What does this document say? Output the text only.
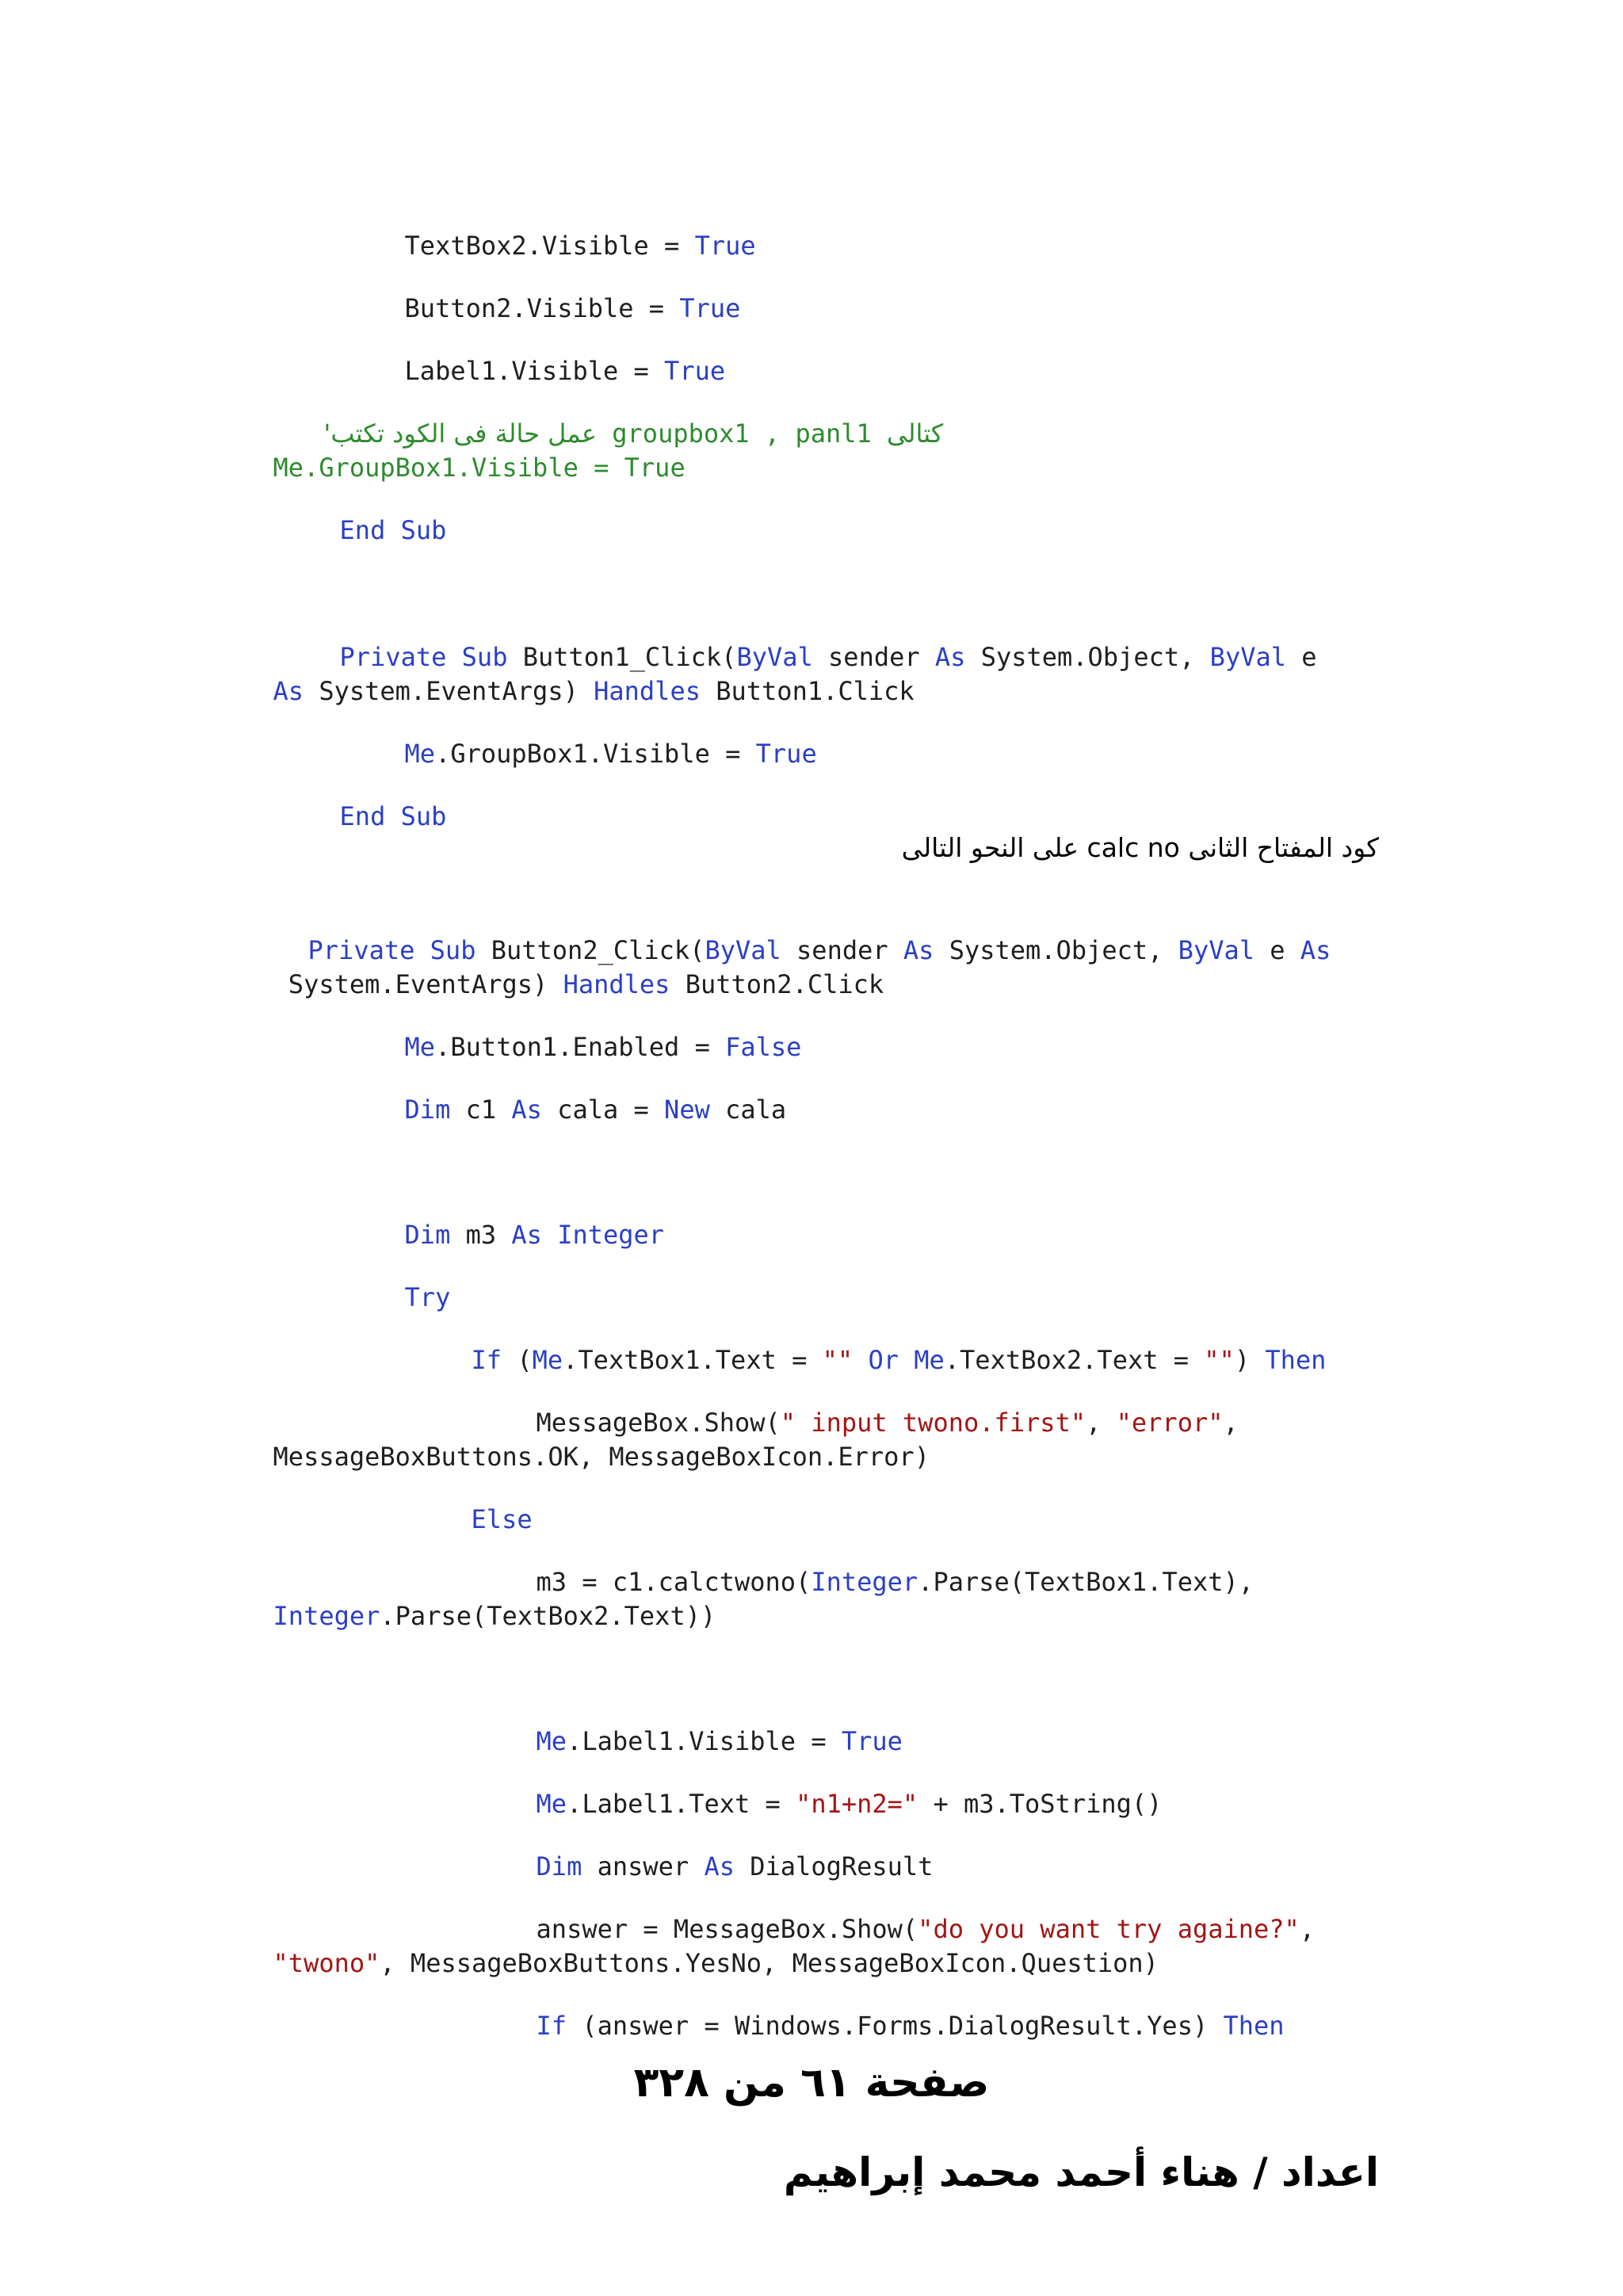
TextBox2.Visible = True

Button2.Visible = True

Label1.Visible = True

'عمل حالة فى الكود تكتب groupbox1 , panl1 كتالى

Me.GroupBox1.Visible = True

End Sub

Private Sub Button1_Click(ByVal sender As System.Object, ByVal e

As System.EventArgs) Handles Button1.Click

Me.GroupBox1.Visible = True

End Sub

كود المفتاح الثانى calc no على النحو التالى

Private Sub Button2_Click(ByVal sender As System.Object, ByVal e As

System.EventArgs) Handles Button2.Click

Me.Button1.Enabled = False

Dim c1 As cala = New cala

Dim m3 As Integer

Try

If (Me.TextBox1.Text = "" Or Me.TextBox2.Text = "") Then

MessageBox.Show(" input twono.first", "error",

MessageBoxButtons.OK, MessageBoxIcon.Error)

Else

m3 = c1.calctwono(Integer.Parse(TextBox1.Text),

Integer.Parse(TextBox2.Text))

Me.Label1.Visible = True

Me.Label1.Text = "n1+n2=" + m3.ToString()

Dim answer As DialogResult

answer = MessageBox.Show("do you want try againe?",

"twono", MessageBoxButtons.YesNo, MessageBoxIcon.Question)

If (answer = Windows.Forms.DialogResult.Yes) Then

صفحة ٦١ من ٣٢٨
اعداد / هناء أحمد محمد إبراهيم
